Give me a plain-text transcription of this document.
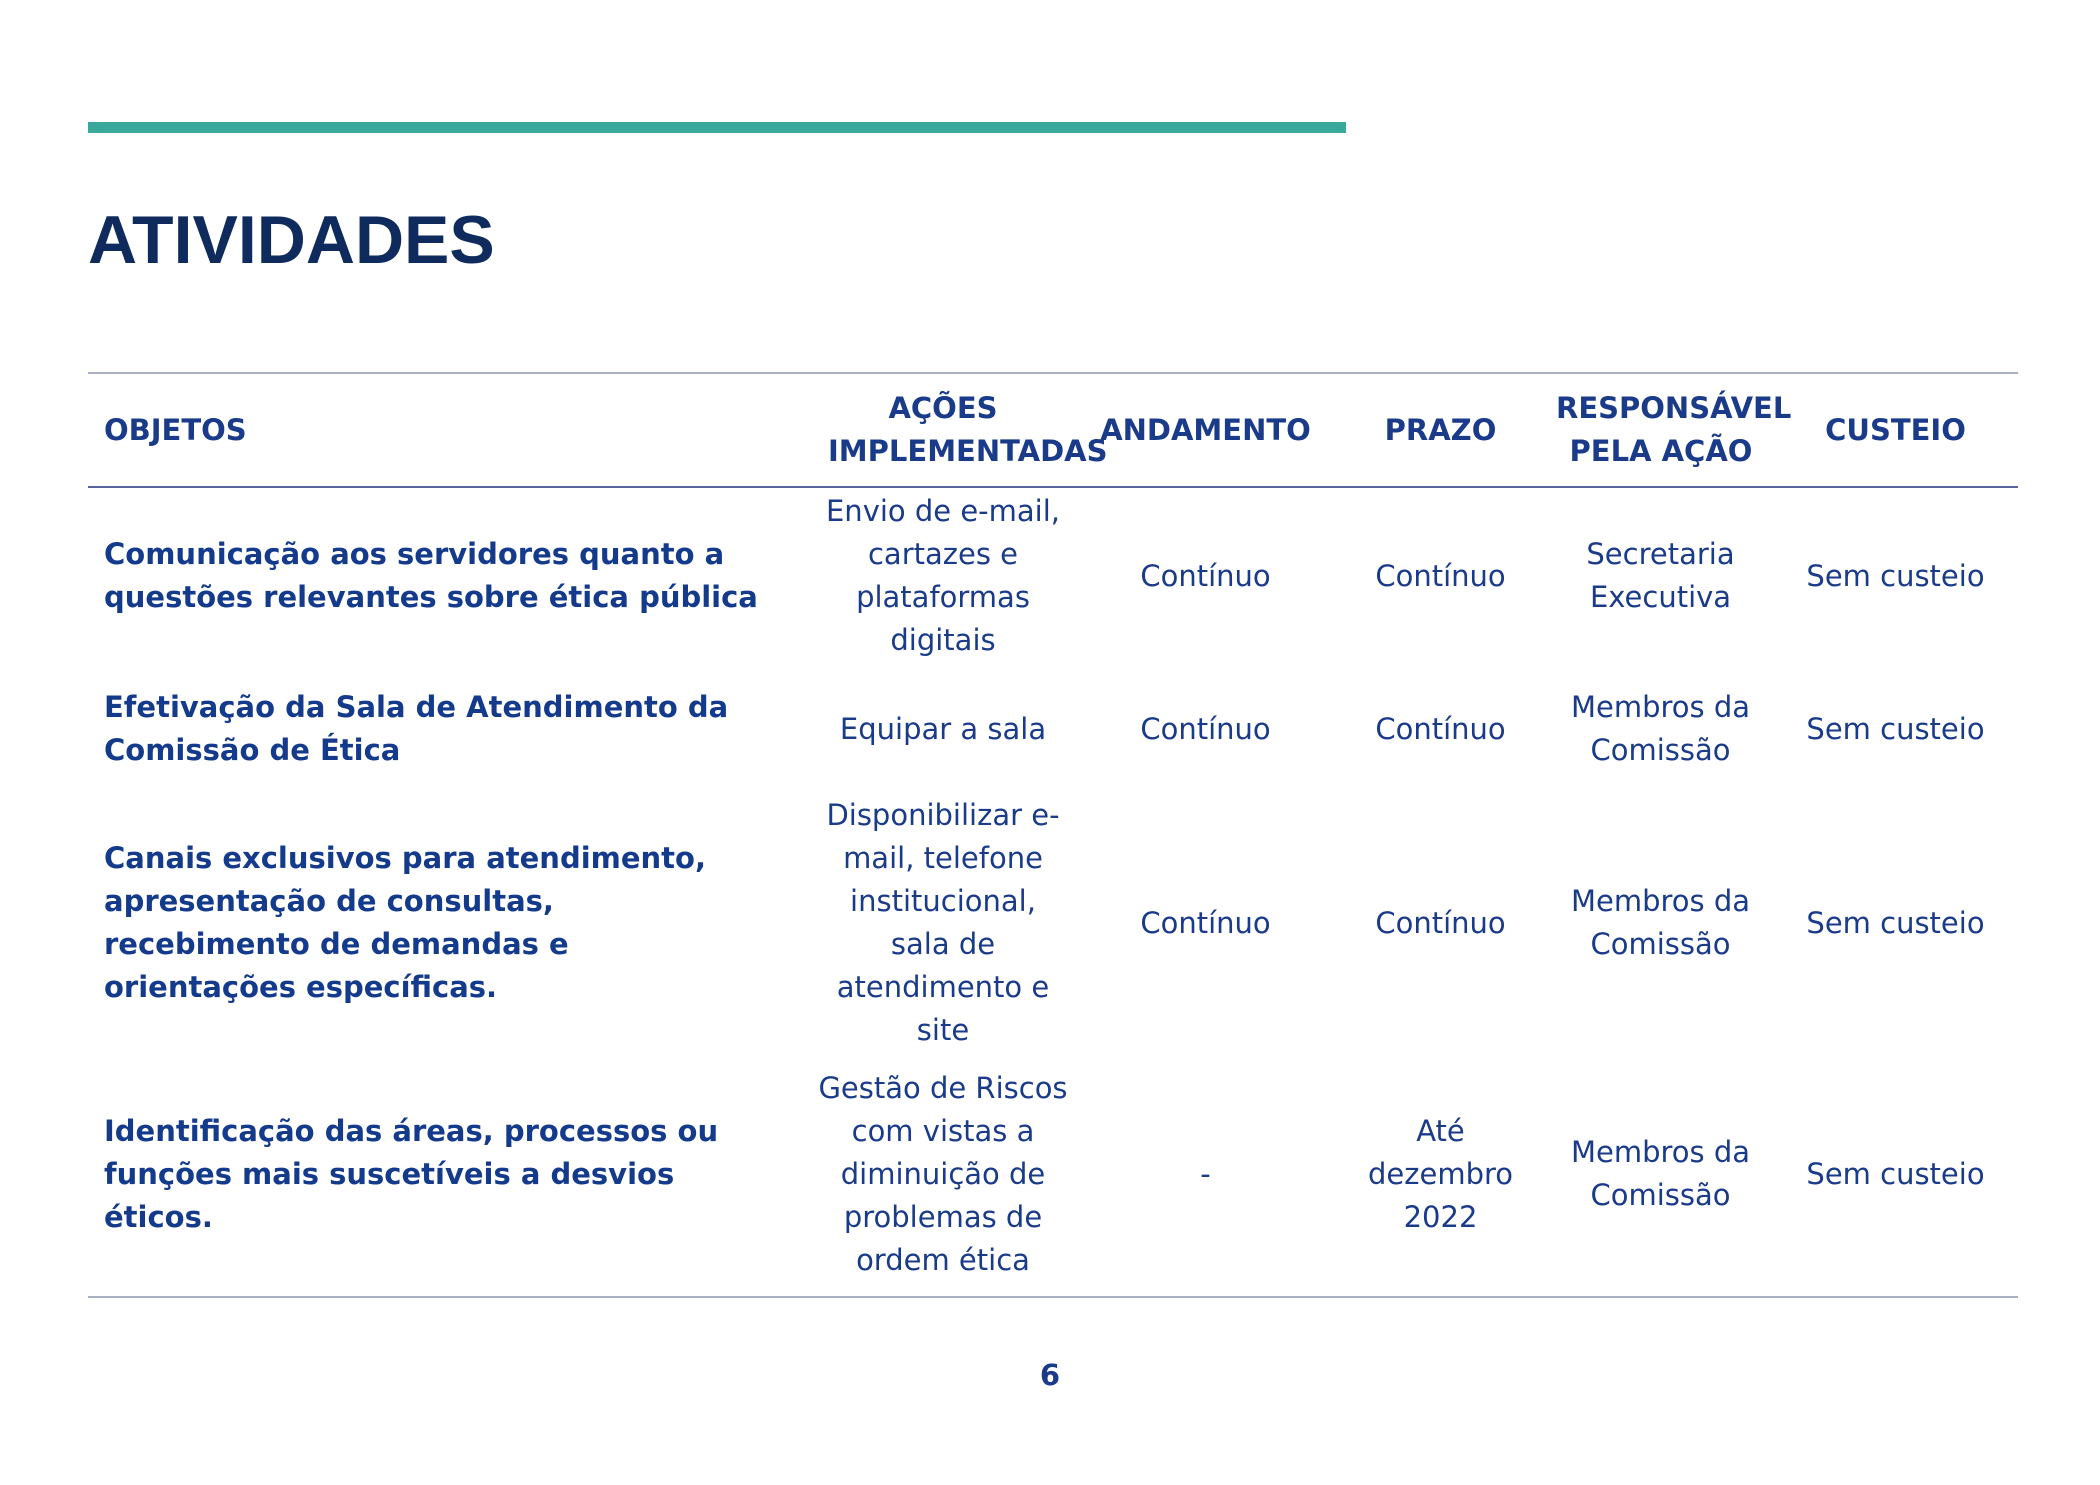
ATIVIDADES
OBJETOS	AÇÕES IMPLEMENTADAS	ANDAMENTO	PRAZO	RESPONSÁVEL PELA AÇÃO	CUSTEIO

Comunicação aos servidores quanto a questões relevantes sobre ética pública	Envio de e-mail, cartazes e plataformas digitais	Contínuo	Contínuo	Secretaria Executiva	Sem custeio

Efetivação da Sala de Atendimento da Comissão de Ética	Equipar a sala	Contínuo	Contínuo	Membros da Comissão	Sem custeio

Canais exclusivos para atendimento, apresentação de consultas, recebimento de demandas e orientações específicas.	Disponibilizar e-mail, telefone institucional, sala de atendimento e site	Contínuo	Contínuo	Membros da Comissão	Sem custeio

Identificação das áreas, processos ou funções mais suscetíveis a desvios éticos.	Gestão de Riscos com vistas a diminuição de problemas de ordem ética	-	Até dezembro 2022	Membros da Comissão	Sem custeio
6
